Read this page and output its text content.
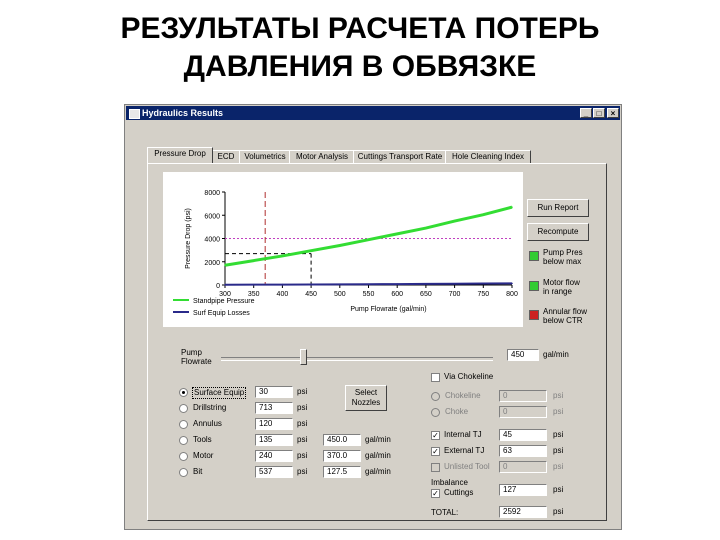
РЕЗУЛЬТАТЫ РАСЧЕТА ПОТЕРЬ
ДАВЛЕНИЯ В ОБВЯЗКЕ
Hydraulics Results	_	□	×
Pressure Drop	ECD	Volumetrics	Motor Analysis	Cuttings Transport Rate	Hole Cleaning Index
0
2000
4000
6000
8000
300 350 400 450 500 550 600 650 700 750 800
Pressure Drop (psi)
Pump Flowrate (gal/min)
Standpipe Pressure
Surf Equip Losses
Run Report
Recompute
Pump Pres
below max
Motor flow
in range
Annular flow
below CTR
Pump
Flowrate
450	gal/min
Surface Equip	30	psi
Drillstring	713	psi
Annulus	120	psi
Tools	135	psi	450.0	gal/min
Motor	240	psi	370.0	gal/min
Bit	537	psi	127.5	gal/min
Select
Nozzles
Via Chokeline
Chokeline	0	psi
Choke	0	psi
✓ Internal TJ	45	psi
✓ External TJ	63	psi
Unlisted Tool	0	psi
Imbalance
✓ Cuttings	127	psi
TOTAL:	2592	psi
